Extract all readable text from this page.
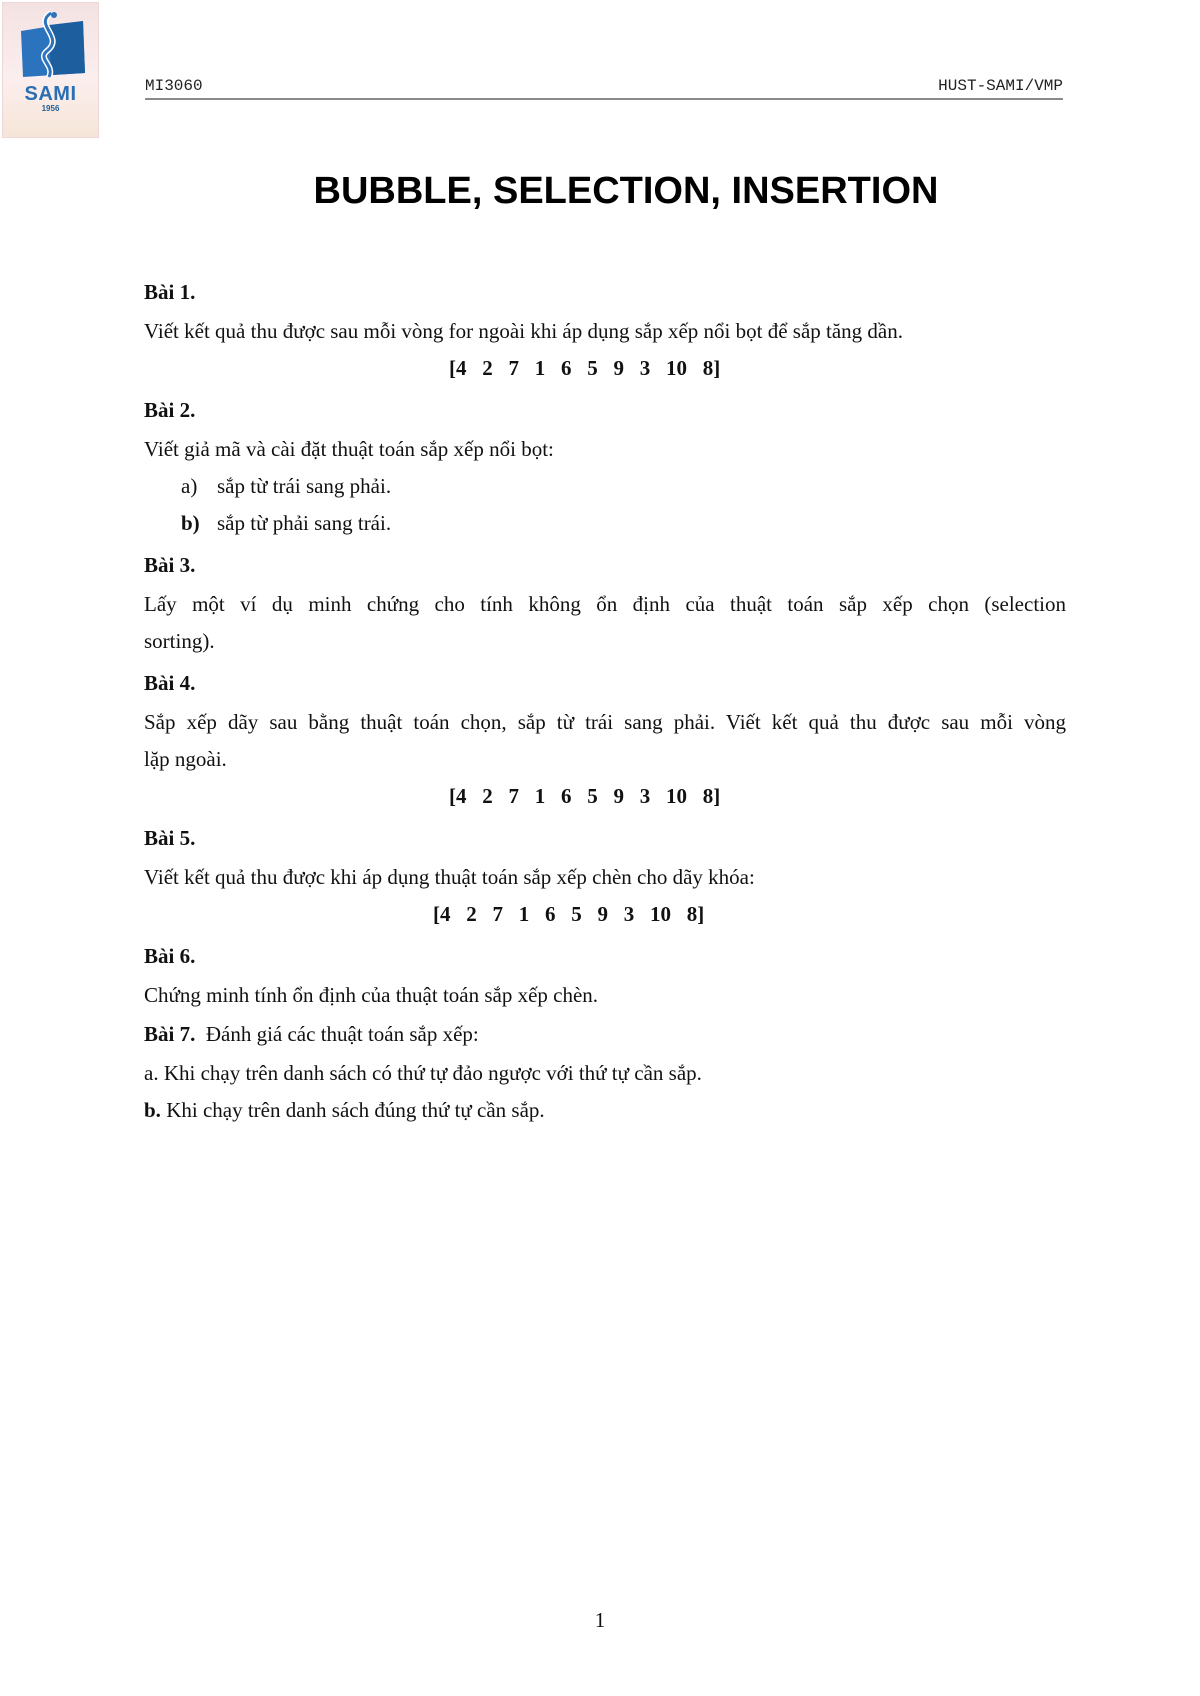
SAMI
1956
MI3060	HUST-SAMI/VMP
BUBBLE, SELECTION, INSERTION
Bài 1.
Viết kết quả thu được sau mỗi vòng for ngoài khi áp dụng sắp xếp nổi bọt để sắp tăng dần.
[4   2   7   1   6   5   9   3   10   8]
Bài 2.
Viết giả mã và cài đặt thuật toán sắp xếp nổi bọt:
a) sắp từ trái sang phải.
b) sắp từ phải sang trái.
Bài 3.
Lấy một ví dụ minh chứng cho tính không ổn định của thuật toán sắp xếp chọn (selection
sorting).
Bài 4.
Sắp xếp dãy sau bằng thuật toán chọn, sắp từ trái sang phải. Viết kết quả thu được sau mỗi vòng
lặp ngoài.
[4   2   7   1   6   5   9   3   10   8]
Bài 5.
Viết kết quả thu được khi áp dụng thuật toán sắp xếp chèn cho dãy khóa:
[4   2   7   1   6   5   9   3   10   8]
Bài 6.
Chứng minh tính ổn định của thuật toán sắp xếp chèn.
Bài 7. Đánh giá các thuật toán sắp xếp:
a. Khi chạy trên danh sách có thứ tự đảo ngược với thứ tự cần sắp.
b. Khi chạy trên danh sách đúng thứ tự cần sắp.
1
